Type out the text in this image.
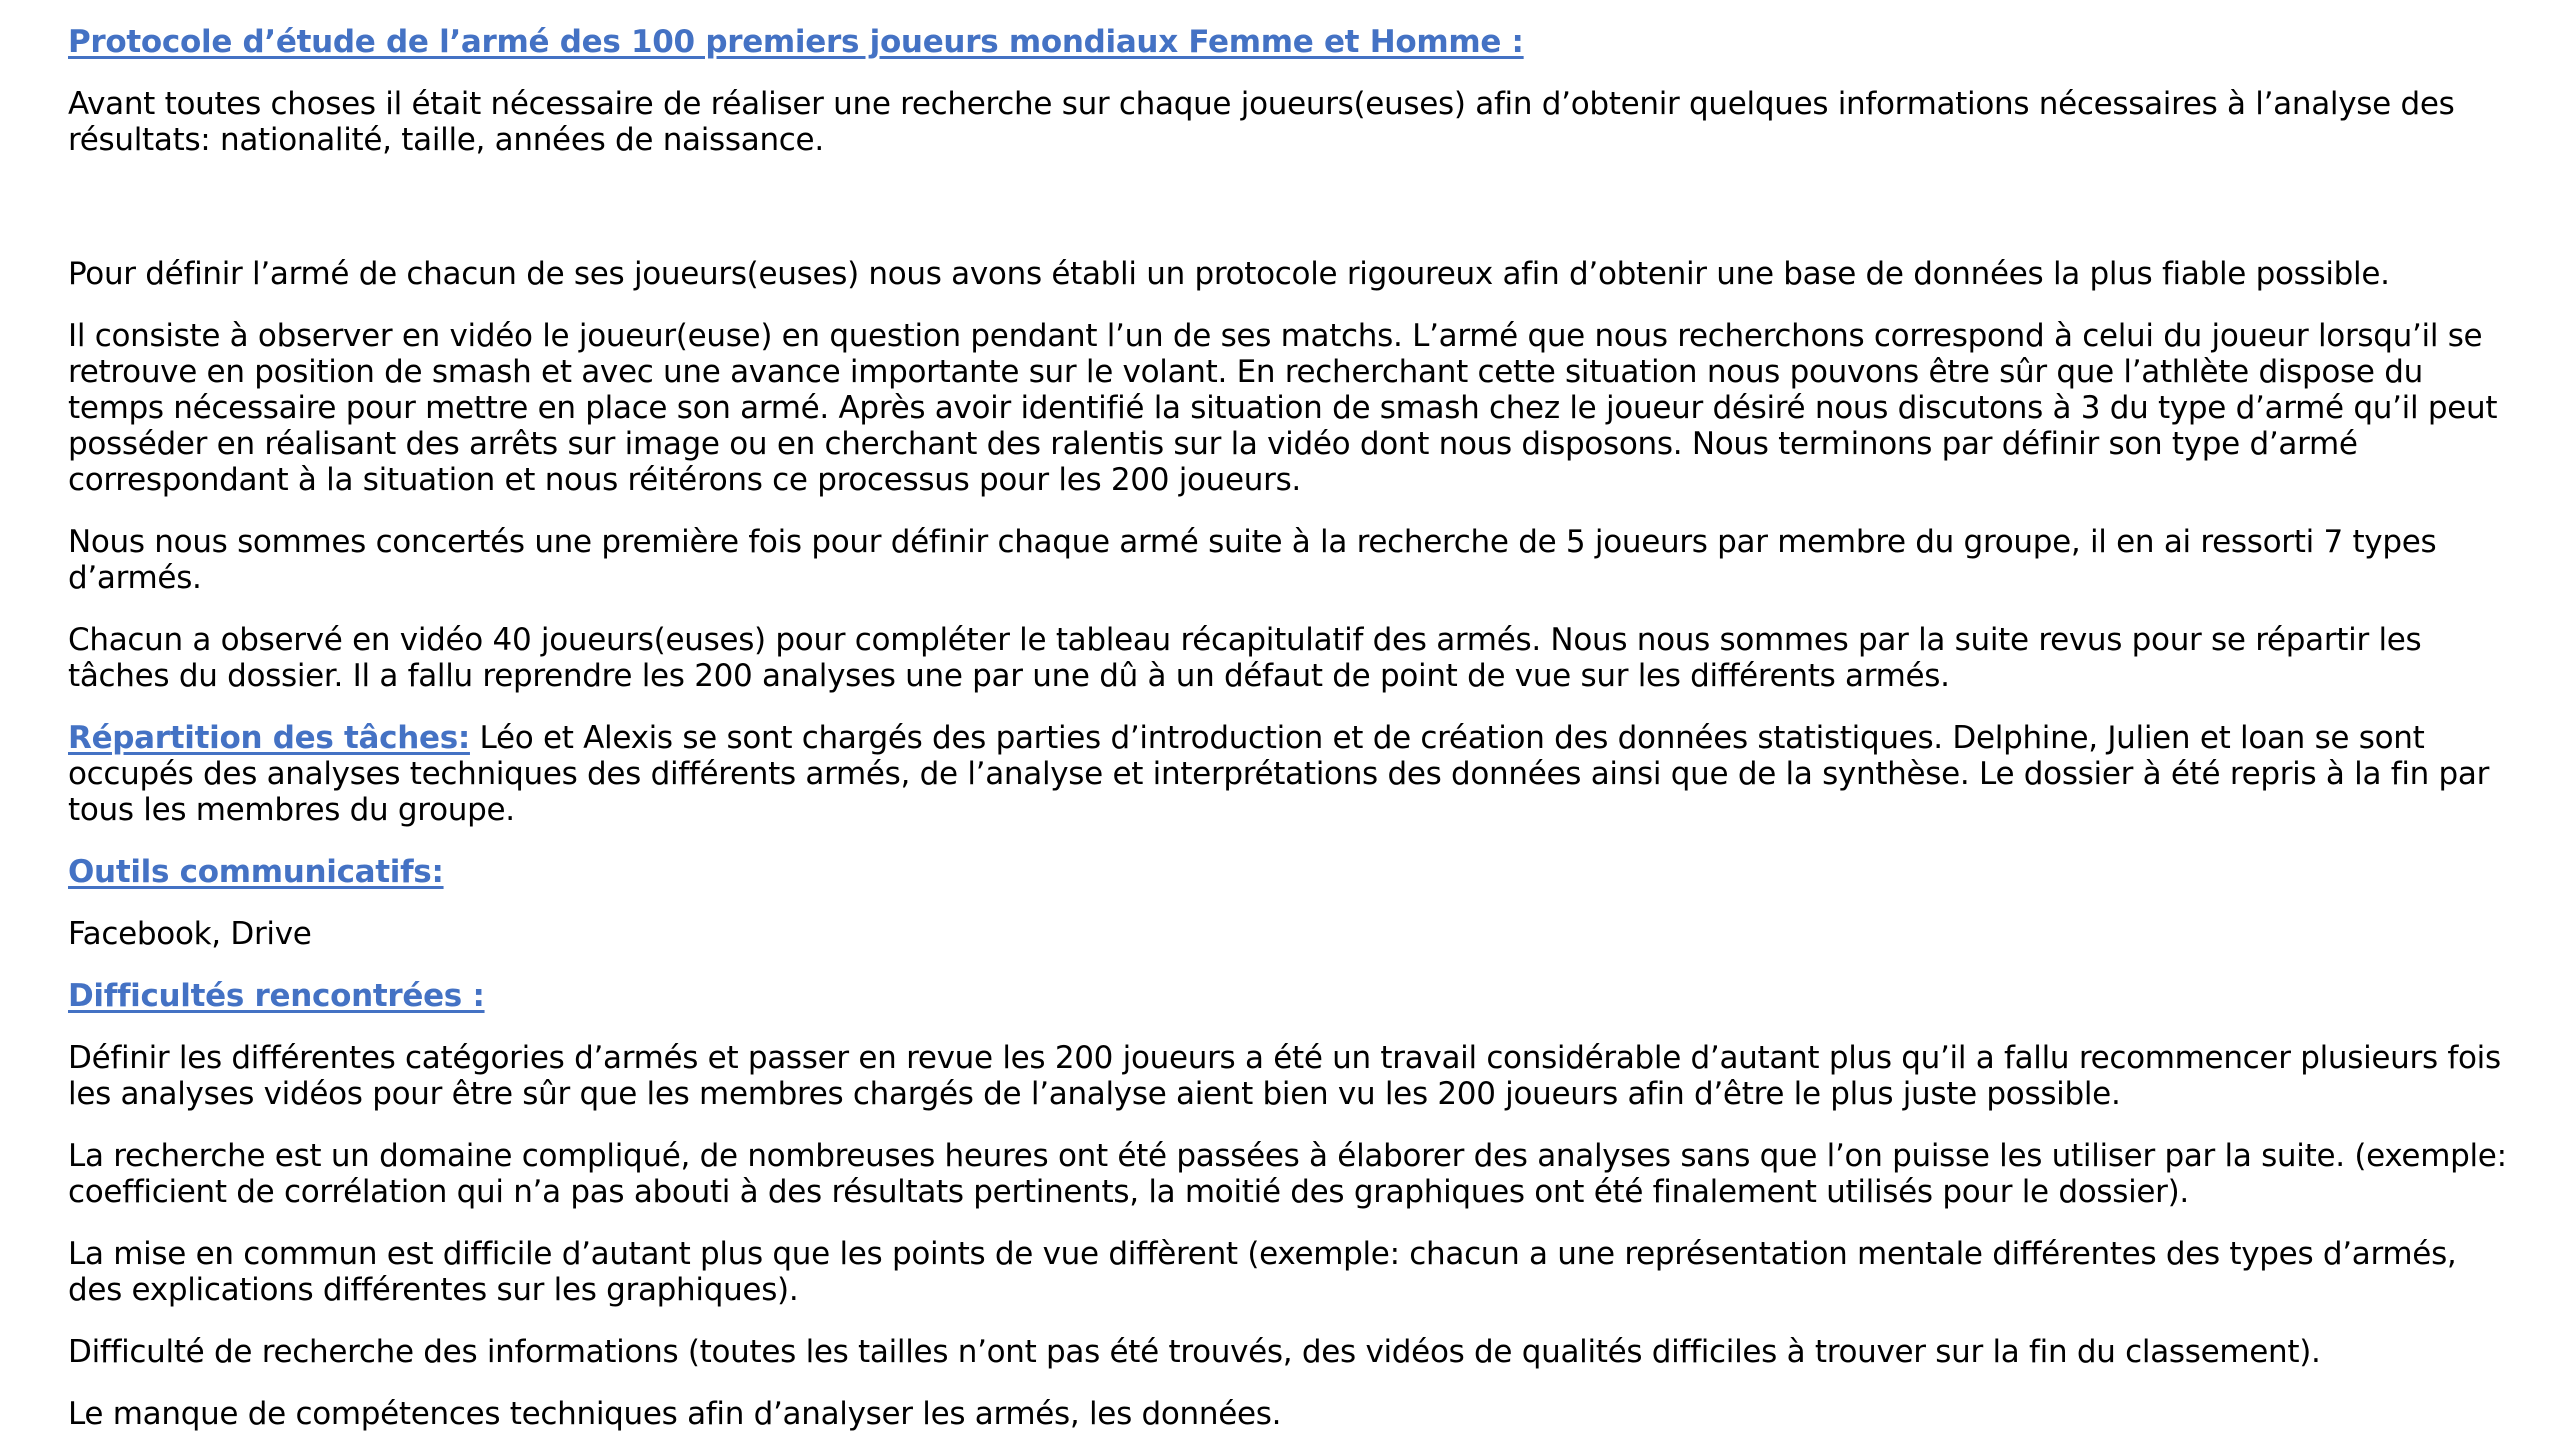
Protocole d’étude de l’armé des 100 premiers joueurs mondiaux Femme et Homme :

Avant toutes choses il était nécessaire de réaliser une recherche sur chaque joueurs(euses) afin d’obtenir quelques informations nécessaires à l’analyse des résultats: nationalité, taille, années de naissance.

Pour définir l’armé de chacun de ses joueurs(euses) nous avons établi un protocole rigoureux afin d’obtenir une base de données la plus fiable possible.

Il consiste à observer en vidéo le joueur(euse) en question pendant l’un de ses matchs. L’armé que nous recherchons correspond à celui du joueur lorsqu’il se retrouve en position de smash et avec une avance importante sur le volant. En recherchant cette situation nous pouvons être sûr que l’athlète dispose du temps nécessaire pour mettre en place son armé. Après avoir identifié la situation de smash chez le joueur désiré nous discutons à 3 du type d’armé qu’il peut posséder en réalisant des arrêts sur image ou en cherchant des ralentis sur la vidéo dont nous disposons. Nous terminons par définir son type d’armé correspondant à la situation et nous réitérons ce processus pour les 200 joueurs.

Nous nous sommes concertés une première fois pour définir chaque armé suite à la recherche de 5 joueurs par membre du groupe, il en ai ressorti 7 types d’armés.

Chacun a observé en vidéo 40 joueurs(euses) pour compléter le tableau récapitulatif des armés. Nous nous sommes par la suite revus pour se répartir les tâches du dossier. Il a fallu reprendre les 200 analyses une par une dû à un défaut de point de vue sur les différents armés.

Répartition des tâches: Léo et Alexis se sont chargés des parties d’introduction et de création des données statistiques. Delphine, Julien et loan se sont occupés des analyses techniques des différents armés, de l’analyse et interprétations des données ainsi que de la synthèse. Le dossier à été repris à la fin par tous les membres du groupe.

Outils communicatifs:

Facebook, Drive

Difficultés rencontrées :

Définir les différentes catégories d’armés et passer en revue les 200 joueurs a été un travail considérable d’autant plus qu’il a fallu recommencer plusieurs fois les analyses vidéos pour être sûr que les membres chargés de l’analyse aient bien vu les 200 joueurs afin d’être le plus juste possible.

La recherche est un domaine compliqué, de nombreuses heures ont été passées à élaborer des analyses sans que l’on puisse les utiliser par la suite. (exemple: coefficient de corrélation qui n’a pas abouti à des résultats pertinents, la moitié des graphiques ont été finalement utilisés pour le dossier).

La mise en commun est difficile d’autant plus que les points de vue diffèrent (exemple: chacun a une représentation mentale différentes des types d’armés, des explications différentes sur les graphiques).

Difficulté de recherche des informations (toutes les tailles n’ont pas été trouvés, des vidéos de qualités difficiles à trouver sur la fin du classement).

Le manque de compétences techniques afin d’analyser les armés, les données.
